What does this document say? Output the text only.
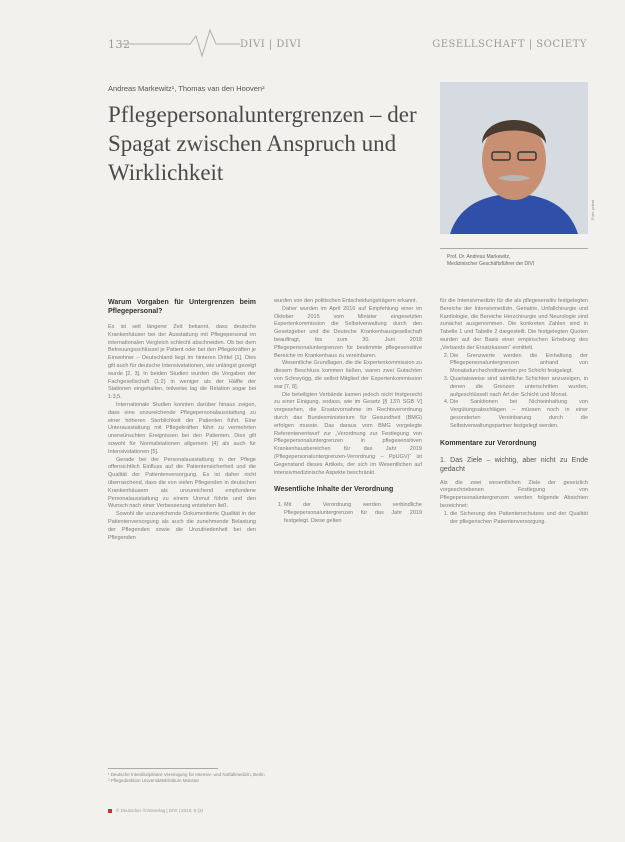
132	DIVI | DIVI	GESELLSCHAFT | SOCIETY
Andreas Markewitz¹, Thomas van den Hooven²
Pflegepersonaluntergrenzen – der Spagat zwischen Anspruch und Wirklichkeit
Foto: privat
Prof. Dr. Andreas Markewitz,
Medizinischer Geschäftsführer der DIVI
Warum Vorgaben für Untergrenzen beim Pflegepersonal?

Es ist seit längerer Zeit bekannt, dass deutsche Krankenhäuser bei der Ausstattung mit Pflegepersonal im internationalen Vergleich schlecht abschneiden. Ob bei dem Betreuungsschlüssel je Patient oder bei den Pflegekräften je Einwohner – Deutschland liegt im hinteren Drittel [1]. Dies gilt auch für deutsche Intensivstationen, wie unlängst gezeigt wurde [2, 3]. In beiden Studien wurden die Vorgaben der Fachgesellschaft (1:2) in weniger als der Hälfte der Stationen eingehalten, teilweise lag die Relation sogar bei 1:3,5.

Internationale Studien konnten darüber hinaus zeigen, dass eine unzureichende Pflegepersonalausstattung zu einer höheren Sterblichkeit der Patienten führt. Eine Unterausstattung mit Pflegekräften führt zu vermehrten unerwünschten Ereignissen bei den Patienten. Dies gilt sowohl für Normalstationen allgemein [4] als auch für Intensivstationen [5].

Gerade bei der Personalausstattung in der Pflege offensichtlich Einfluss auf die Patientensicherheit und die Qualität der Patientenversorgung. Es ist daher nicht überraschend, dass die von vielen Pflegenden in deutschen Krankenhäusern als unzureichend empfundene Personalausstattung zu einem Unmut führte und den Wunsch nach einer Verbesserung entstehen ließ.

Sowohl die unzureichende Dokumentierte Qualität in der Patientenversorgung als auch die zunehmende Belastung der Pflegenden sowie die Unzufriedenheit bei den Pflegenden

wurden von den politischen Entscheidungsträgern erkannt.

Daher wurden im April 2016 auf Empfehlung einer im Oktober 2015 vom Minister eingesetzten Expertenkommission die Selbstverwaltung durch den Gesetzgeber und die Deutsche Krankenhausgesellschaft beauftragt, bis zum 30. Juni 2018 Pflegepersonaluntergrenzen für bestimmte pflegesensitive Bereiche im Krankenhaus zu vereinbaren.

Wesentliche Grundlagen, die die Expertenkommission zu diesem Beschluss kommen ließen, waren zwei Gutachten von Schreyögg, die selbst Mitglied der Expertenkommission war [7, 8].

Die beteiligten Verbände kamen jedoch nicht fristgerecht zu einer Einigung, sodass, wie im Gesetz [§ 137i SGB V] vorgesehen, die Ersatzvornahme im Rechtsverordnung durch das Bundesministerium für Gesundheit (BMG) erfolgen musste. Das daraus vom BMG vorgelegte Referentenentwurf zur „Verordnung zur Festlegung von Pflegepersonaluntergrenzen in pflegesensitiven Krankenhausbereichen für das Jahr 2019 (Pflegepersonaluntergrenzen-Verordnung – PpUGV)“ ist Gegenstand dieses Artikels, der sich im Wesentlichen auf intensivmedizinische Aspekte beschränkt.

Wesentliche Inhalte der Verordnung
1. Mit der Verordnung werden verbindliche Pflegepersonaluntergrenzen für das Jahr 2019 festgelegt. Diese gelten

für die Intensivmedizin für die als pflegesensitiv festgelegten Bereiche der Intensivmedizin, Geriatrie, Unfallchirurgie und Kardiologie, die Bereiche Herzchirurgie und Neurologie sind zunächst ausgenommen. Die konkreten Zahlen sind in Tabelle 1 und Tabelle 2 dargestellt. Die festgelegten Quoten wurden auf der Basis einer empirischen Erhebung des „Verbands der Ersatzkassen“ ermittelt.

2. Die Grenzwerte werden die Einhaltung der Pflegepersonaluntergrenzen anhand von Monatsdurchschnittswerten pro Schicht festgelegt.
3. Quartalsweise sind sämtliche Schichten anzuzeigen, in denen die Grenzen unterschritten wurden, aufgeschlüsselt nach Art der Schicht und Monat.
4. Die Sanktionen bei Nichteinhaltung von Vergütungsabschlägen – müssen noch in einer gesonderten Vereinbarung durch die Selbstverwaltungspartner festgelegt werden.
Kommentare zur Verordnung
1. Das Ziele – wichtig, aber nicht zu Ende gedacht

Als die zwei wesentlichen Ziele der gesetzlich vorgeschriebenen Festlegung von Pflegepersonaluntergrenzen werden folgende Absichten bezeichnet:

1. die Sicherung des Patientenschutzes und der Qualität der pflegerischen Patientenversorgung.
¹ Deutsche Interdisziplinäre Vereinigung für Intensiv- und Notfallmedizin, Berlin
² Pflegedirektion Universitätsklinikum Münster
© Deutscher Ärzteverlag | DIVI | 2018; 9 (3)
